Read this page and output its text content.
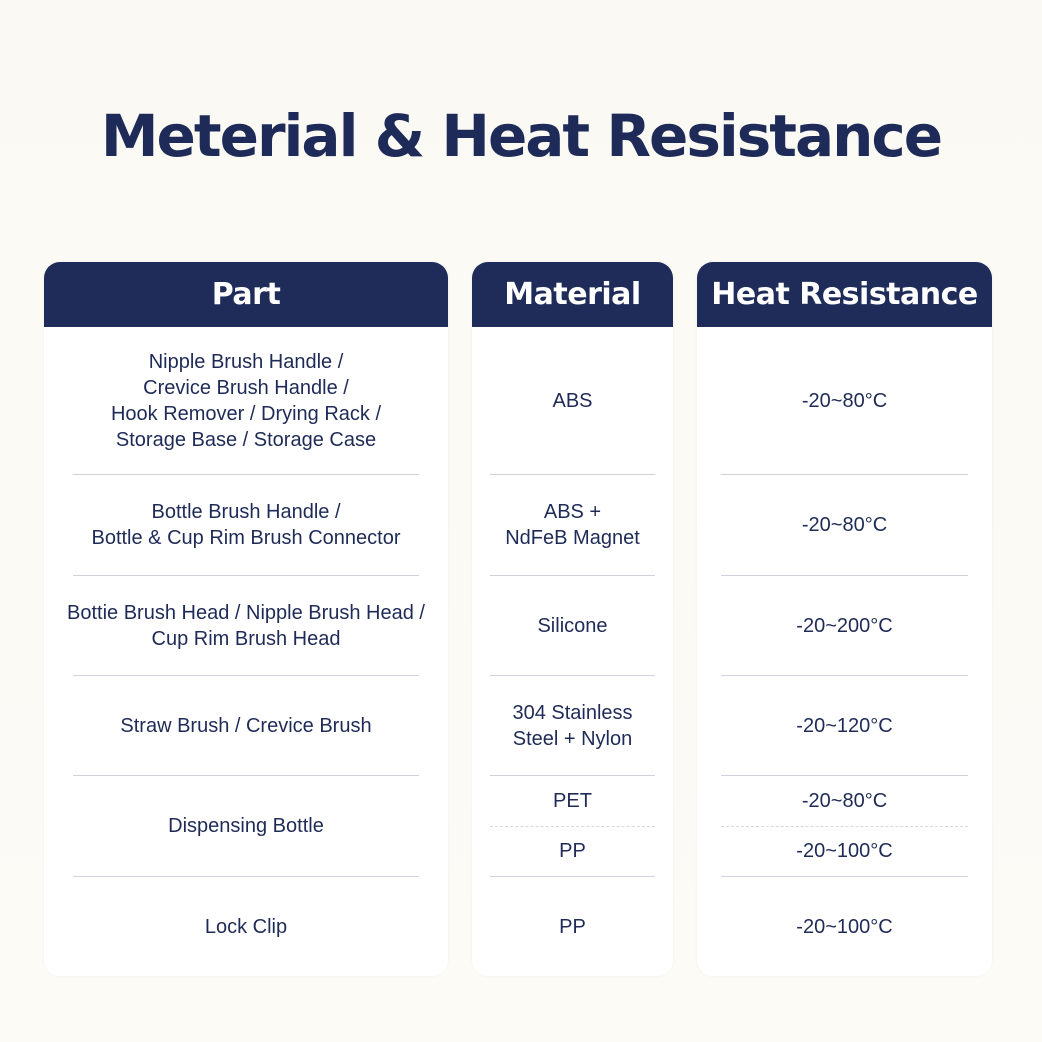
Meterial & Heat Resistance
Part
Nipple Brush Handle /
Crevice Brush Handle /
Hook Remover / Drying Rack /
Storage Base / Storage Case
Bottle Brush Handle /
Bottle & Cup Rim Brush Connector
Bottie Brush Head / Nipple Brush Head /
Cup Rim Brush Head
Straw Brush / Crevice Brush
Dispensing Bottle
Lock Clip
Material
ABS
ABS +
NdFeB Magnet
Silicone
304 Stainless
Steel + Nylon
PET
PP
PP
Heat Resistance
-20~80°C
-20~80°C
-20~200°C
-20~120°C
-20~80°C
-20~100°C
-20~100°C
